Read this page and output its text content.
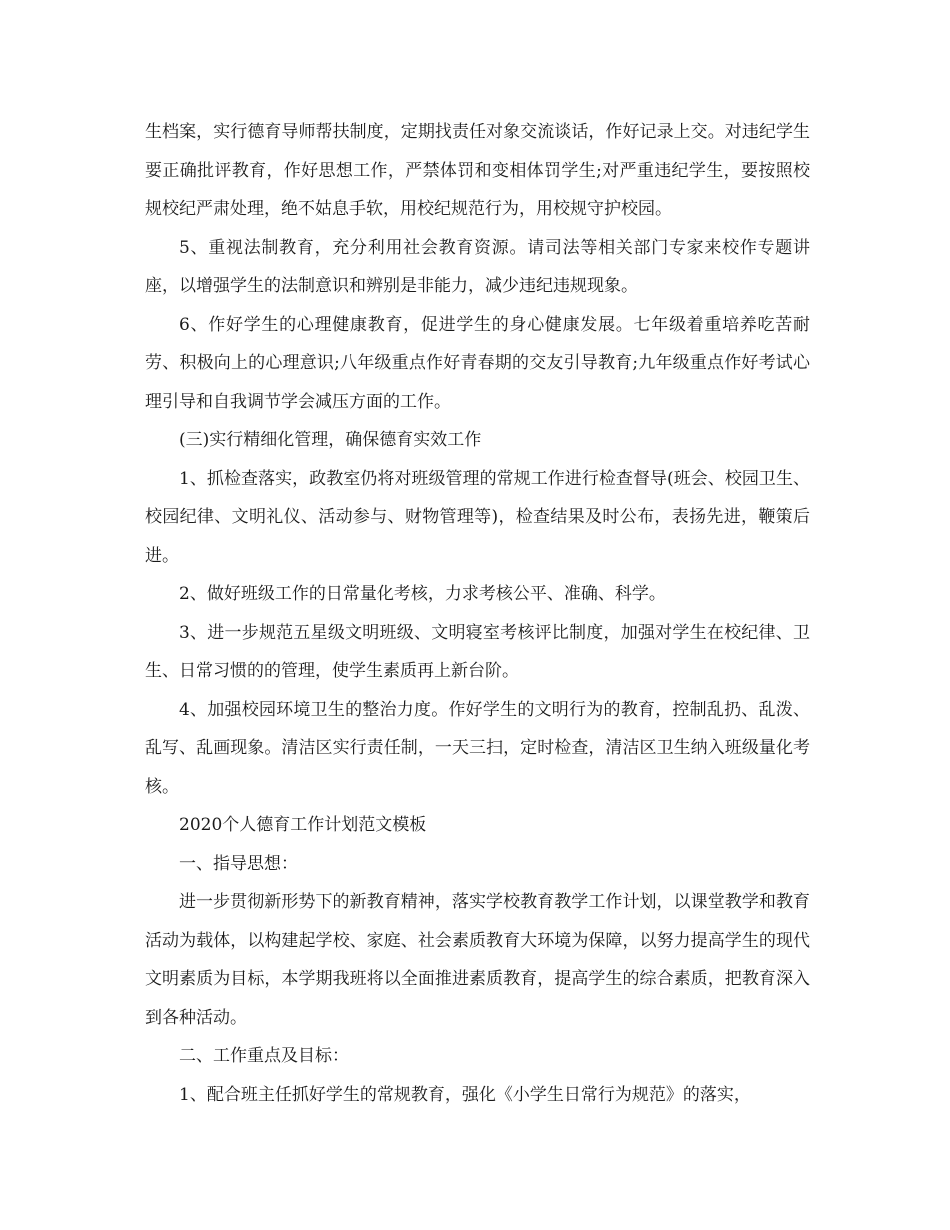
生档案，实行德育导师帮扶制度，定期找责任对象交流谈话，作好记录上交。对违纪学生要正确批评教育，作好思想工作，严禁体罚和变相体罚学生;对严重违纪学生，要按照校规校纪严肃处理，绝不姑息手软，用校纪规范行为，用校规守护校园。

5、重视法制教育，充分利用社会教育资源。请司法等相关部门专家来校作专题讲座，以增强学生的法制意识和辨别是非能力，减少违纪违规现象。

6、作好学生的心理健康教育，促进学生的身心健康发展。七年级着重培养吃苦耐劳、积极向上的心理意识;八年级重点作好青春期的交友引导教育;九年级重点作好考试心理引导和自我调节学会减压方面的工作。

(三)实行精细化管理，确保德育实效工作

1、抓检查落实，政教室仍将对班级管理的常规工作进行检查督导(班会、校园卫生、校园纪律、文明礼仪、活动参与、财物管理等)，检查结果及时公布，表扬先进，鞭策后进。

2、做好班级工作的日常量化考核，力求考核公平、准确、科学。

3、进一步规范五星级文明班级、文明寝室考核评比制度，加强对学生在校纪律、卫生、日常习惯的的管理，使学生素质再上新台阶。

4、加强校园环境卫生的整治力度。作好学生的文明行为的教育，控制乱扔、乱泼、乱写、乱画现象。清洁区实行责任制，一天三扫，定时检查，清洁区卫生纳入班级量化考核。

2020个人德育工作计划范文模板

一、指导思想：

进一步贯彻新形势下的新教育精神，落实学校教育教学工作计划，以课堂教学和教育活动为载体，以构建起学校、家庭、社会素质教育大环境为保障，以努力提高学生的现代文明素质为目标，本学期我班将以全面推进素质教育，提高学生的综合素质，把教育深入到各种活动。

二、工作重点及目标：

1、配合班主任抓好学生的常规教育，强化《小学生日常行为规范》的落实，
